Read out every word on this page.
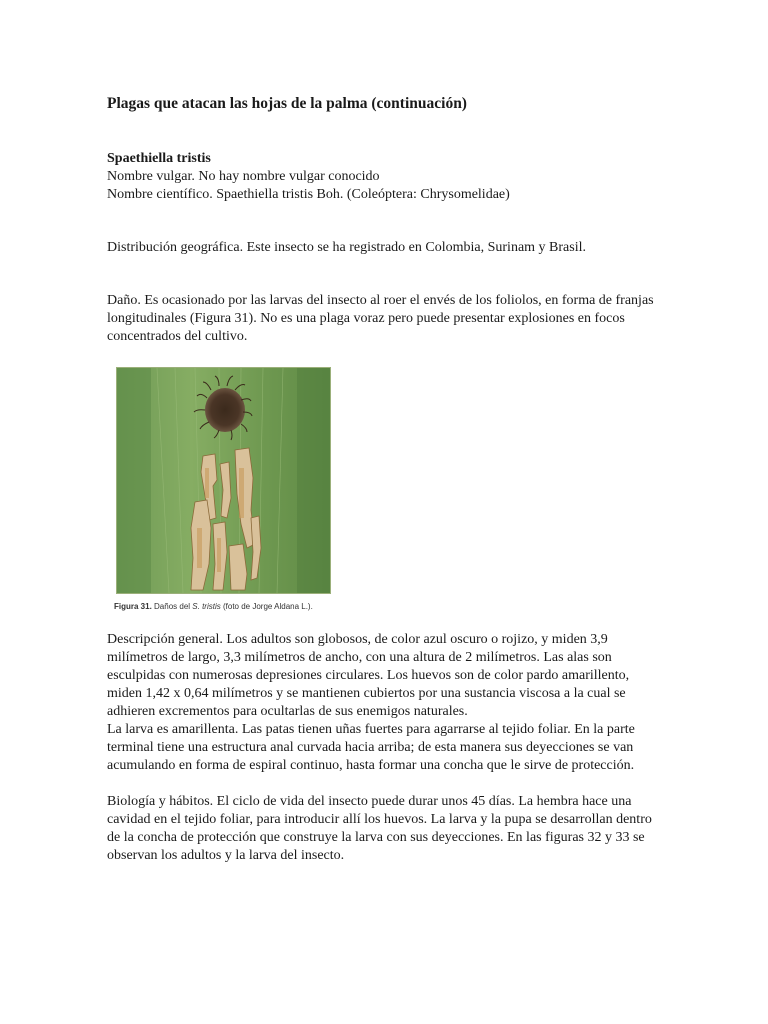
Plagas que atacan las hojas de la palma (continuación)
Spaethiella tristis
Nombre vulgar. No hay nombre vulgar conocido
Nombre científico. Spaethiella tristis Boh. (Coleóptera: Chrysomelidae)

Distribución geográfica. Este insecto se ha registrado en Colombia, Surinam y Brasil.

Daño. Es ocasionado por las larvas del insecto al roer el envés de los foliolos, en forma de franjas longitudinales (Figura 31). No es una plaga voraz pero puede presentar explosiones en focos concentrados del cultivo.

Figura 31. Daños del S. tristis (foto de Jorge Aldana L.).
Descripción general. Los adultos son globosos, de color azul oscuro o rojizo, y miden 3,9 milímetros de largo, 3,3 milímetros de ancho, con una altura de 2 milímetros. Las alas son esculpidas con numerosas depresiones circulares. Los huevos son de color pardo amarillento, miden 1,42 x 0,64 milímetros y se mantienen cubiertos por una sustancia viscosa a la cual se adhieren excrementos para ocultarlas de sus enemigos naturales.
La larva es amarillenta. Las patas tienen uñas fuertes para agarrarse al tejido foliar. En la parte terminal tiene una estructura anal curvada hacia arriba; de esta manera sus deyecciones se van acumulando en forma de espiral continuo, hasta formar una concha que le sirve de protección.

Biología y hábitos. El ciclo de vida del insecto puede durar unos 45 días. La hembra hace una cavidad en el tejido foliar, para introducir allí los huevos. La larva y la pupa se desarrollan dentro de la concha de protección que construye la larva con sus deyecciones. En las figuras 32 y 33 se observan los adultos y la larva del insecto.
